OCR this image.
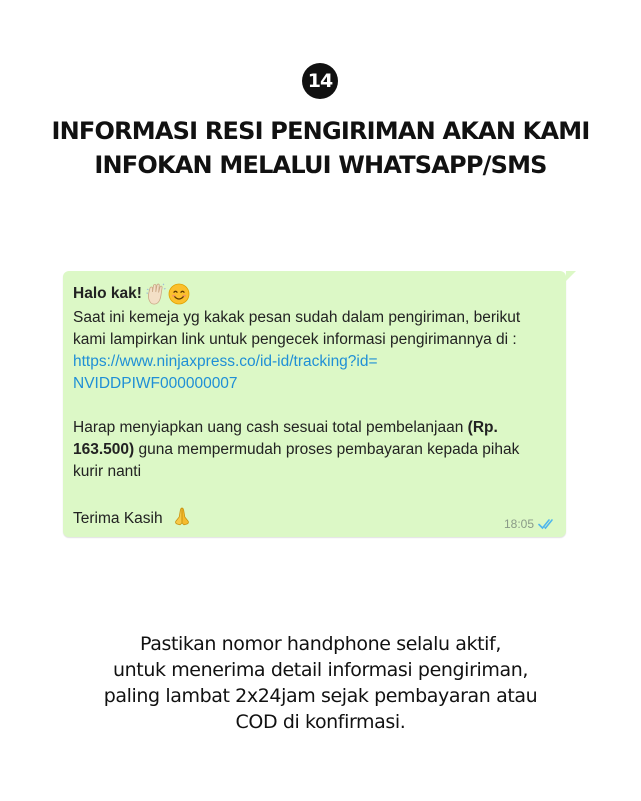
14
INFORMASI RESI PENGIRIMAN AKAN KAMI
INFOKAN MELALUI WHATSAPP/SMS
Halo kak!
Saat ini kemeja yg kakak pesan sudah dalam pengiriman, berikut
kami lampirkan link untuk pengecek informasi pengirimannya di :
https://www.ninjaxpress.co/id-id/tracking?id=
NVIDDPIWF000000007
Harap menyiapkan uang cash sesuai total pembelanjaan (Rp.
163.500) guna mempermudah proses pembayaran kepada pihak
kurir nanti
Terima Kasih	18:05
Pastikan nomor handphone selalu aktif,
untuk menerima detail informasi pengiriman,
paling lambat 2x24jam sejak pembayaran atau
COD di konfirmasi.
